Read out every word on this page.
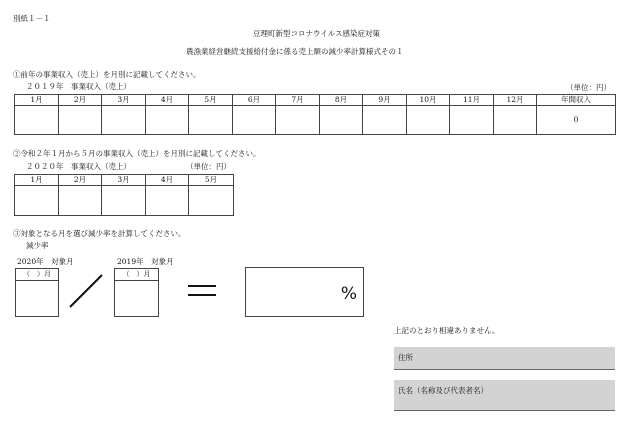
別紙１－１
豆理町新型コロナウイルス感染症対策
農漁業経営継続支援給付金に係る売上額の減少率計算様式その１
①前年の事業収入（売上）を月別に記載してください。
２０１９年　事業収入（売上）	（単位：円）
1月	2月	3月	4月	5月	6月	7月	8月	9月	10月	11月	12月	年間収入
												0
②令和２年１月から５月の事業収入（売上）を月別に記載してください。
２０２０年　事業収入（売上）	（単位：円）
1月	2月	3月	4月	5月

③対象となる月を選び減少率を計算してください。
減少率
2020年　対象月
（　）月
2019年　対象月
（　）月
%
上記のとおり相違ありません。
住所
氏名（名称及び代表者名）
